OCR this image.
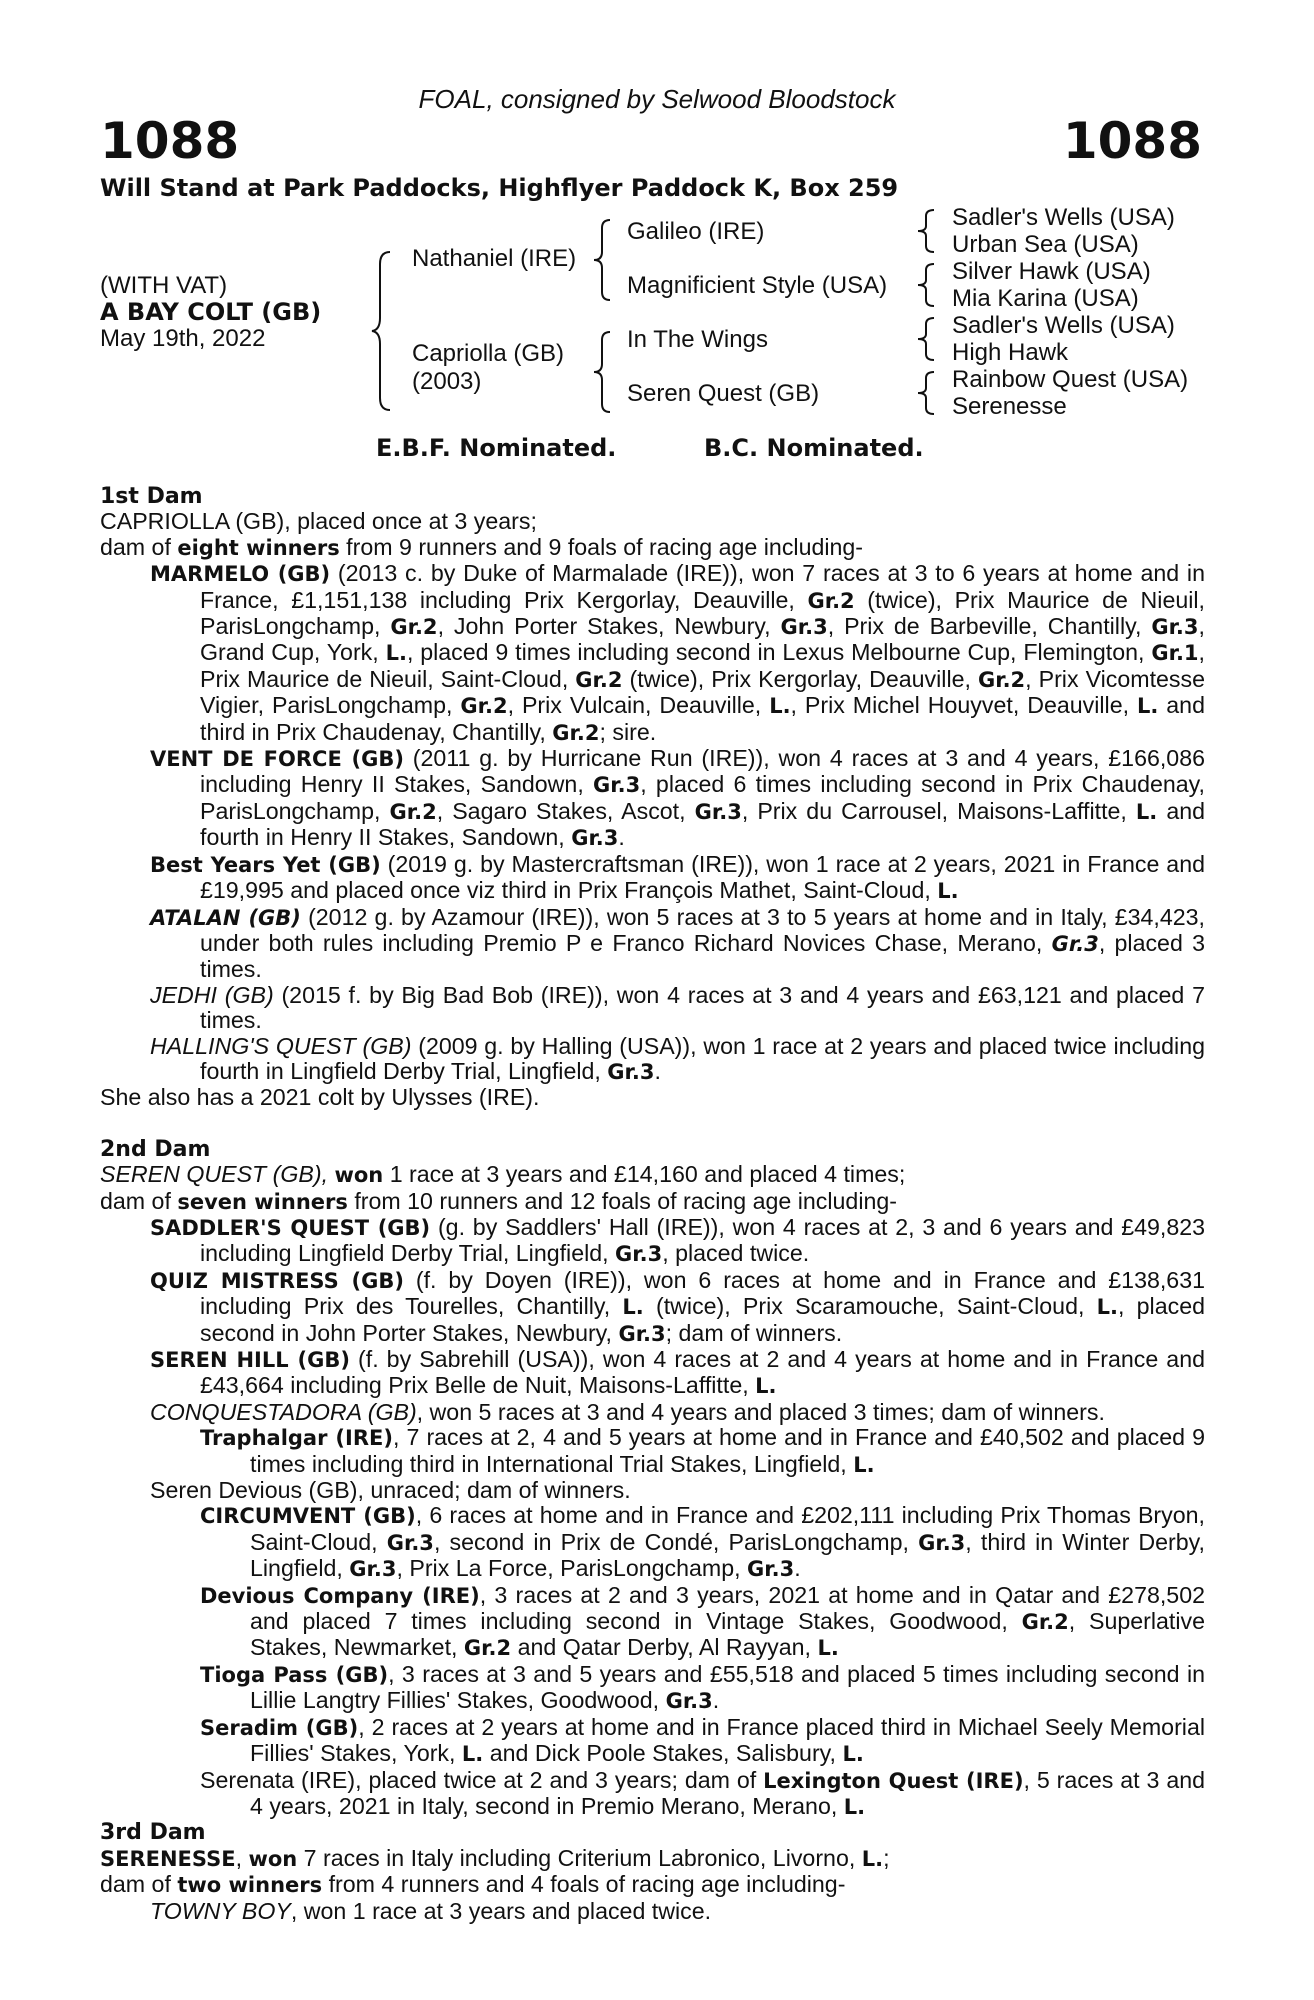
FOAL, consigned by Selwood Bloodstock
1088	1088
Will Stand at Park Paddocks, Highflyer Paddock K, Box 259
(WITH VAT)
A BAY COLT (GB)
May 19th, 2022
Nathaniel (IRE)
Capriolla (GB)
(2003)
Galileo (IRE)
Magnificient Style (USA)
In The Wings
Seren Quest (GB)
Sadler's Wells (USA)
Urban Sea (USA)
Silver Hawk (USA)
Mia Karina (USA)
Sadler's Wells (USA)
High Hawk
Rainbow Quest (USA)
Serenesse
E.B.F. Nominated.	B.C. Nominated.
1st Dam
CAPRIOLLA (GB), placed once at 3 years;
dam of eight winners from 9 runners and 9 foals of racing age including-
MARMELO (GB) (2013 c. by Duke of Marmalade (IRE)), won 7 races at 3 to 6 years at home and in France, £1,151,138 including Prix Kergorlay, Deauville, Gr.2 (twice), Prix Maurice de Nieuil, ParisLongchamp, Gr.2, John Porter Stakes, Newbury, Gr.3, Prix de Barbeville, Chantilly, Gr.3, Grand Cup, York, L., placed 9 times including second in Lexus Melbourne Cup, Flemington, Gr.1, Prix Maurice de Nieuil, Saint-Cloud, Gr.2 (twice), Prix Kergorlay, Deauville, Gr.2, Prix Vicomtesse Vigier, ParisLongchamp, Gr.2, Prix Vulcain, Deauville, L., Prix Michel Houyvet, Deauville, L. and third in Prix Chaudenay, Chantilly, Gr.2; sire.
VENT DE FORCE (GB) (2011 g. by Hurricane Run (IRE)), won 4 races at 3 and 4 years, £166,086 including Henry II Stakes, Sandown, Gr.3, placed 6 times including second in Prix Chaudenay, ParisLongchamp, Gr.2, Sagaro Stakes, Ascot, Gr.3, Prix du Carrousel, Maisons-Laffitte, L. and fourth in Henry II Stakes, Sandown, Gr.3.
Best Years Yet (GB) (2019 g. by Mastercraftsman (IRE)), won 1 race at 2 years, 2021 in France and £19,995 and placed once viz third in Prix François Mathet, Saint-Cloud, L.
ATALAN (GB) (2012 g. by Azamour (IRE)), won 5 races at 3 to 5 years at home and in Italy, £34,423, under both rules including Premio P e Franco Richard Novices Chase, Merano, Gr.3, placed 3 times.
JEDHI (GB) (2015 f. by Big Bad Bob (IRE)), won 4 races at 3 and 4 years and £63,121 and placed 7 times.
HALLING'S QUEST (GB) (2009 g. by Halling (USA)), won 1 race at 2 years and placed twice including fourth in Lingfield Derby Trial, Lingfield, Gr.3.
She also has a 2021 colt by Ulysses (IRE).
2nd Dam
SEREN QUEST (GB), won 1 race at 3 years and £14,160 and placed 4 times;
dam of seven winners from 10 runners and 12 foals of racing age including-
SADDLER'S QUEST (GB) (g. by Saddlers' Hall (IRE)), won 4 races at 2, 3 and 6 years and £49,823 including Lingfield Derby Trial, Lingfield, Gr.3, placed twice.
QUIZ MISTRESS (GB) (f. by Doyen (IRE)), won 6 races at home and in France and £138,631 including Prix des Tourelles, Chantilly, L. (twice), Prix Scaramouche, Saint-Cloud, L., placed second in John Porter Stakes, Newbury, Gr.3; dam of winners.
SEREN HILL (GB) (f. by Sabrehill (USA)), won 4 races at 2 and 4 years at home and in France and £43,664 including Prix Belle de Nuit, Maisons-Laffitte, L.
CONQUESTADORA (GB), won 5 races at 3 and 4 years and placed 3 times; dam of winners.
Traphalgar (IRE), 7 races at 2, 4 and 5 years at home and in France and £40,502 and placed 9 times including third in International Trial Stakes, Lingfield, L.
Seren Devious (GB), unraced; dam of winners.
CIRCUMVENT (GB), 6 races at home and in France and £202,111 including Prix Thomas Bryon, Saint-Cloud, Gr.3, second in Prix de Condé, ParisLongchamp, Gr.3, third in Winter Derby, Lingfield, Gr.3, Prix La Force, ParisLongchamp, Gr.3.
Devious Company (IRE), 3 races at 2 and 3 years, 2021 at home and in Qatar and £278,502 and placed 7 times including second in Vintage Stakes, Goodwood, Gr.2, Superlative Stakes, Newmarket, Gr.2 and Qatar Derby, Al Rayyan, L.
Tioga Pass (GB), 3 races at 3 and 5 years and £55,518 and placed 5 times including second in Lillie Langtry Fillies' Stakes, Goodwood, Gr.3.
Seradim (GB), 2 races at 2 years at home and in France placed third in Michael Seely Memorial Fillies' Stakes, York, L. and Dick Poole Stakes, Salisbury, L.
Serenata (IRE), placed twice at 2 and 3 years; dam of Lexington Quest (IRE), 5 races at 3 and 4 years, 2021 in Italy, second in Premio Merano, Merano, L.
3rd Dam
SERENESSE, won 7 races in Italy including Criterium Labronico, Livorno, L.;
dam of two winners from 4 runners and 4 foals of racing age including-
TOWNY BOY, won 1 race at 3 years and placed twice.
